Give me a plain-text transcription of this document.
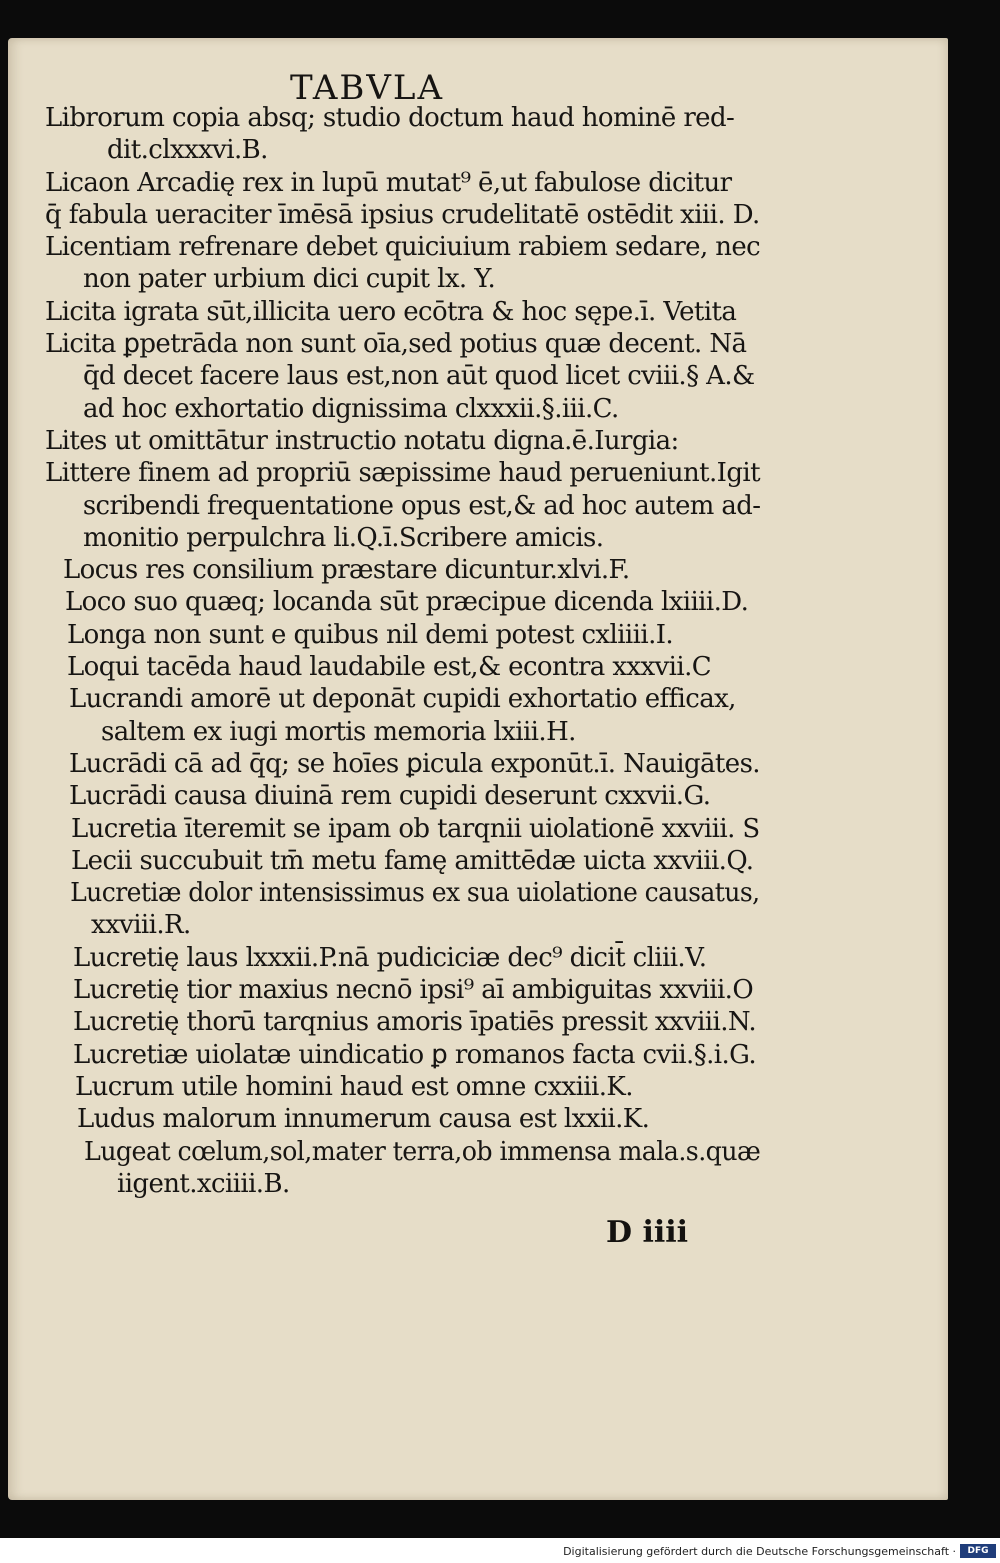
TABVLA
Librorum copia absq; studio doctum haud hominē red-
dit.clxxxvi.B.
Licaon Arcadię rex in lupū mutat⁹ ē,ut fabulose dicitur
q̄ fabula ueraciter īmēsā ipsius crudelitatē ostēdit xiii. D.
Licentiam refrenare debet quiciuium rabiem sedare, nec
non pater urbium dici cupit lx. Y.
Licita igrata sūt,illicita uero ecōtra & hoc sępe.ī. Vetita
Licita ꝑpetrāda non sunt oīa,sed potius quæ decent. Nā
q̄d decet facere laus est,non aūt quod licet cviii.§ A.&
ad hoc exhortatio dignissima clxxxii.§.iii.C.
Lites ut omittātur instructio notatu digna.ē.Iurgia:
Littere finem ad propriū sæpissime haud perueniunt.Igit
scribendi frequentatione opus est,& ad hoc autem ad-
monitio perpulchra li.Q.ī.Scribere amicis.
Locus res consilium præstare dicuntur.xlvi.F.
Loco suo quæq; locanda sūt præcipue dicenda lxiiii.D.
Longa non sunt e quibus nil demi potest cxliiii.I.
Loqui tacēda haud laudabile est,& econtra xxxvii.C
Lucrandi amorē ut deponāt cupidi exhortatio efficax,
saltem ex iugi mortis memoria lxiii.H.
Lucrādi cā ad q̄q; se hoīes ꝑicula exponūt.ī. Nauigātes.
Lucrādi causa diuinā rem cupidi deserunt cxxvii.G.
Lucretia īteremit se ipam ob tarqnii uiolationē xxviii. S
Lecii succubuit tm̄ metu famę amittēdæ uicta xxviii.Q.
Lucretiæ dolor intensissimus ex sua uiolatione causatus,
xxviii.R.
Lucretię laus lxxxii.P.nā pudiciciæ dec⁹ dicit̄ cliii.V.
Lucretię tior maxius necnō ipsi⁹ aī ambiguitas xxviii.O
Lucretię thorū tarqnius amoris īpatiēs pressit xxviii.N.
Lucretiæ uiolatæ uindicatio ꝑ romanos facta cvii.§.i.G.
Lucrum utile homini haud est omne cxxiii.K.
Ludus malorum innumerum causa est lxxii.K.
Lugeat cœlum,sol,mater terra,ob immensa mala.s.quæ
iigent.xciiii.B.
D iiii
Digitalisierung gefördert durch die Deutsche Forschungsgemeinschaft ·	DFG
